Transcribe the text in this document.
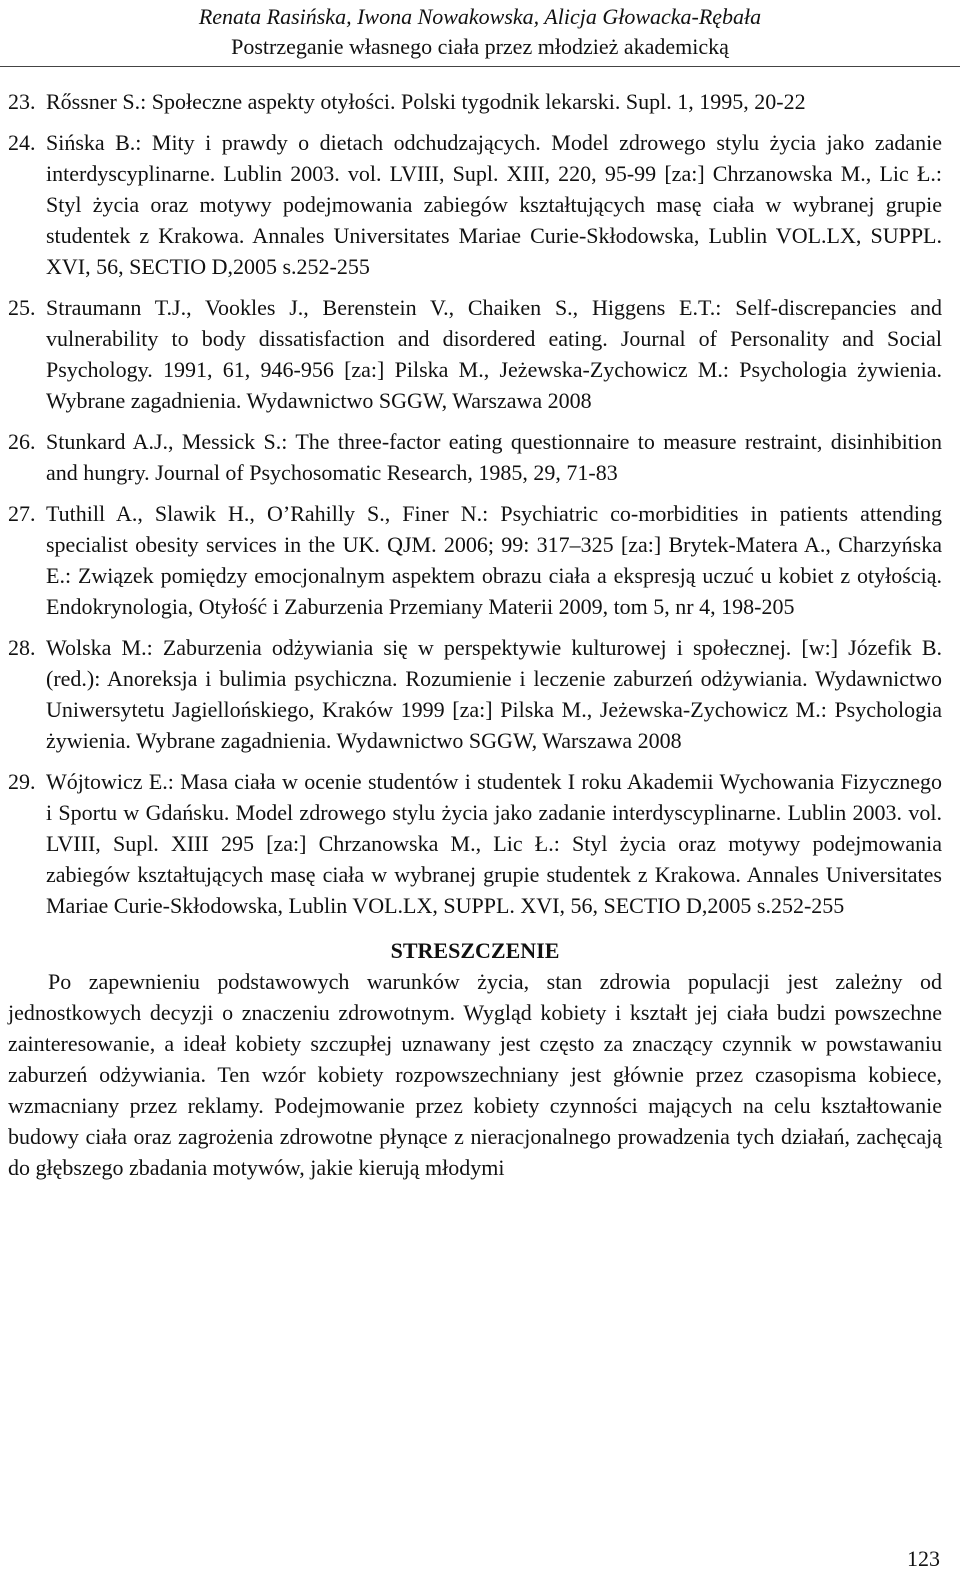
Renata Rasińska, Iwona Nowakowska, Alicja Głowacka-Rębała
Postrzeganie własnego ciała przez młodzież akademicką
23. Rőssner S.: Społeczne aspekty otyłości. Polski tygodnik lekarski. Supl. 1, 1995, 20-22
24. Sińska B.: Mity i prawdy o dietach odchudzających. Model zdrowego stylu życia jako zadanie interdyscyplinarne. Lublin 2003. vol. LVIII, Supl. XIII, 220, 95-99 [za:] Chrzanowska M., Lic Ł.: Styl życia oraz motywy podejmowania zabiegów kształtujących masę ciała w wybranej grupie studentek z Krakowa. Annales Universitates Mariae Curie-Skłodowska, Lublin VOL.LX, SUPPL. XVI, 56, SECTIO D,2005 s.252-255
25. Straumann T.J., Vookles J., Berenstein V., Chaiken S., Higgens E.T.: Self-discrepancies and vulnerability to body dissatisfaction and disordered eating. Journal of Personality and Social Psychology. 1991, 61, 946-956 [za:] Pilska M., Jeżewska-Zychowicz M.: Psychologia żywienia. Wybrane zagadnienia. Wydawnictwo SGGW, Warszawa 2008
26. Stunkard A.J., Messick S.: The three-factor eating questionnaire to measure restraint, disinhibition and hungry. Journal of Psychosomatic Research, 1985, 29, 71-83
27. Tuthill A., Slawik H., O’Rahilly S., Finer N.: Psychiatric co-morbidities in patients attending specialist obesity services in the UK. QJM. 2006; 99: 317–325 [za:] Brytek-Matera A., Charzyńska E.: Związek pomiędzy emocjonalnym aspektem obrazu ciała a ekspresją uczuć u kobiet z otyłością. Endokrynologia, Otyłość i Zaburzenia Przemiany Materii 2009, tom 5, nr 4, 198-205
28. Wolska M.: Zaburzenia odżywiania się w perspektywie kulturowej i społecznej. [w:] Józefik B. (red.): Anoreksja i bulimia psychiczna. Rozumienie i leczenie zaburzeń odżywiania. Wydawnictwo Uniwersytetu Jagiellońskiego, Kraków 1999 [za:] Pilska M., Jeżewska-Zychowicz M.: Psychologia żywienia. Wybrane zagadnienia. Wydawnictwo SGGW, Warszawa 2008
29. Wójtowicz E.: Masa ciała w ocenie studentów i studentek I roku Akademii Wychowania Fizycznego i Sportu w Gdańsku. Model zdrowego stylu życia jako zadanie interdyscyplinarne. Lublin 2003. vol. LVIII, Supl. XIII 295 [za:] Chrzanowska M., Lic Ł.: Styl życia oraz motywy podejmowania zabiegów kształtujących masę ciała w wybranej grupie studentek z Krakowa. Annales Universitates Mariae Curie-Skłodowska, Lublin VOL.LX, SUPPL. XVI, 56, SECTIO D,2005 s.252-255
STRESZCZENIE

Po zapewnieniu podstawowych warunków życia, stan zdrowia populacji jest zależny od jednostkowych decyzji o znaczeniu zdrowotnym. Wygląd kobiety i kształt jej ciała budzi powszechne zainteresowanie, a ideał kobiety szczupłej uznawany jest często za znaczący czynnik w powstawaniu zaburzeń odżywiania. Ten wzór kobiety rozpowszechniany jest głównie przez czasopisma kobiece, wzmacniany przez reklamy. Podejmowanie przez kobiety czynności mających na celu kształtowanie budowy ciała oraz zagrożenia zdrowotne płynące z nieracjonalnego prowadzenia tych działań, zachęcają do głębszego zbadania motywów, jakie kierują młodymi

123
